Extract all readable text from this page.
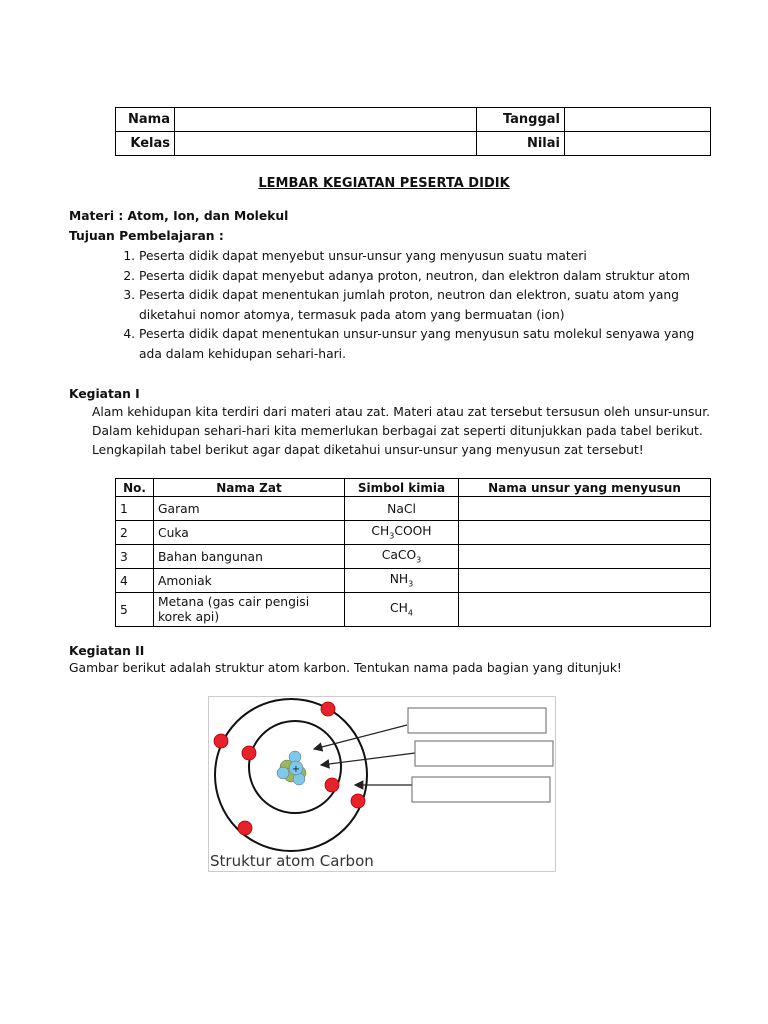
Nama		Tanggal	
Kelas		Nilai	
LEMBAR KEGIATAN PESERTA DIDIK
Materi : Atom, Ion, dan Molekul
Tujuan Pembelajaran :
1. Peserta didik dapat menyebut unsur-unsur yang menyusun suatu materi
2. Peserta didik dapat menyebut adanya proton, neutron, dan elektron dalam struktur atom
3. Peserta didik dapat menentukan jumlah proton, neutron dan elektron, suatu atom yang diketahui nomor atomya, termasuk pada atom yang bermuatan (ion)
4. Peserta didik dapat menentukan unsur-unsur yang menyusun satu molekul senyawa yang ada dalam kehidupan sehari-hari.
Kegiatan I
Alam kehidupan kita terdiri dari materi atau zat. Materi atau zat tersebut tersusun oleh unsur-unsur.
Dalam kehidupan sehari-hari kita memerlukan berbagai zat seperti ditunjukkan pada tabel berikut.
Lengkapilah tabel berikut agar dapat diketahui unsur-unsur yang menyusun zat tersebut!
No.	Nama Zat	Simbol kimia	Nama unsur yang menyusun
1	Garam	NaCl	
2	Cuka	$CH_3COOH$	
3	Bahan bangunan	CaCO$_3$	
4	Amoniak	$NH_3$	
5	Metana (gas cair pengisi korek api)	$CH_4$	
Kegiatan II
Gambar berikut adalah struktur atom karbon. Tentukan nama pada bagian yang ditunjuk!
+
Struktur atom Carbon
